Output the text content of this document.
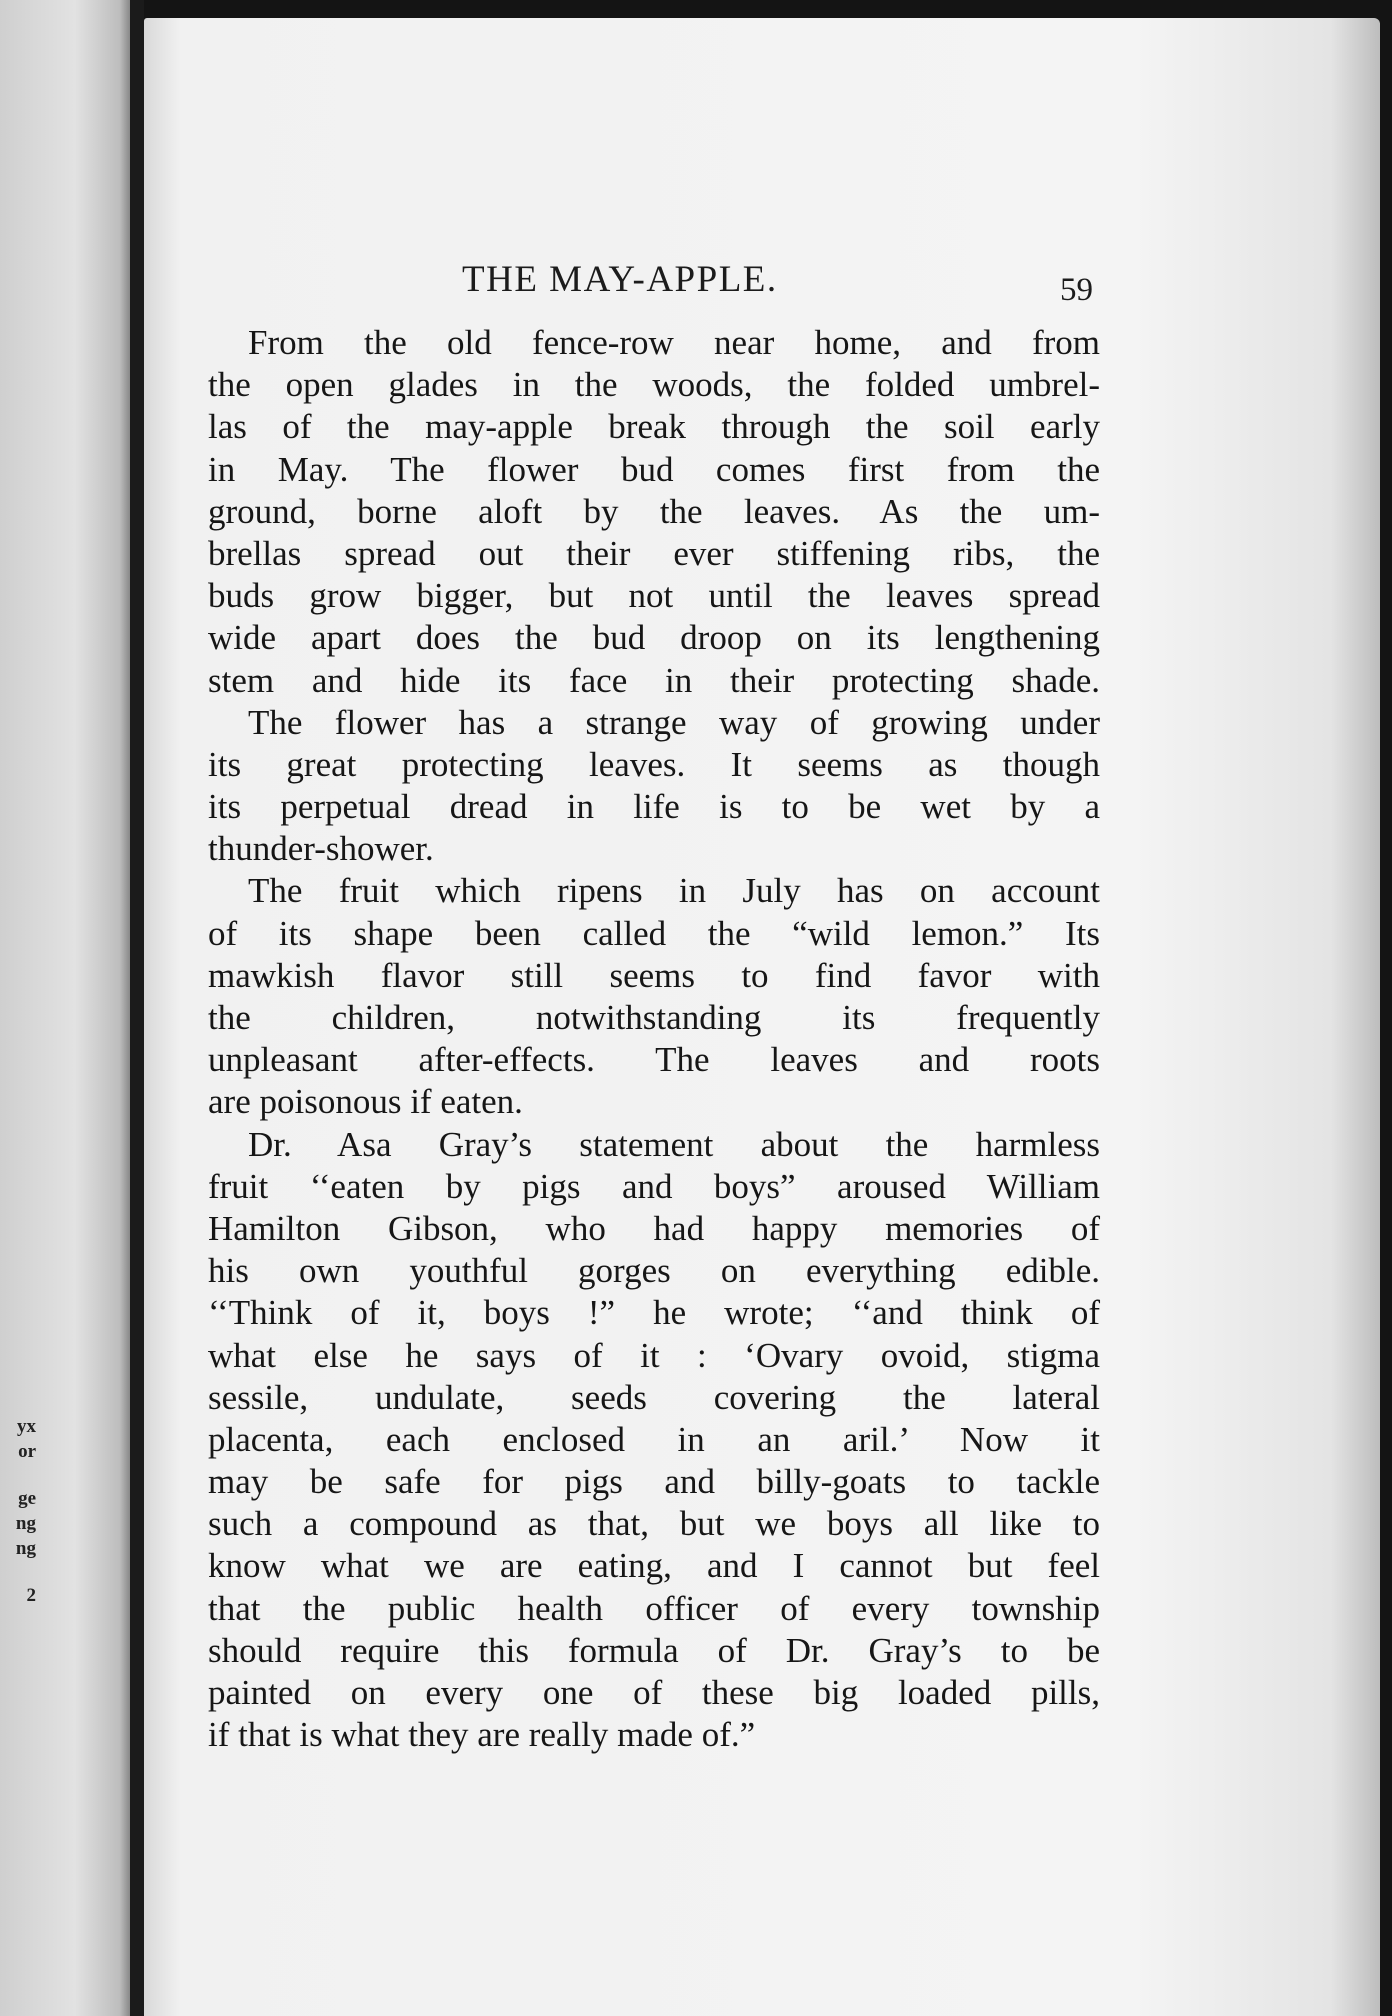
yx
or
ge
ng
ng
2
THE MAY-APPLE.	59
From the old fence-row near home, and from
the open glades in the woods, the folded umbrel-
las of the may-apple break through the soil early
in May. The flower bud comes first from the
ground, borne aloft by the leaves. As the um-
brellas spread out their ever stiffening ribs, the
buds grow bigger, but not until the leaves spread
wide apart does the bud droop on its lengthening
stem and hide its face in their protecting shade.
The flower has a strange way of growing under
its great protecting leaves. It seems as though
its perpetual dread in life is to be wet by a
thunder-shower.
The fruit which ripens in July has on account
of its shape been called the “wild lemon.” Its
mawkish flavor still seems to find favor with
the children, notwithstanding its frequently
unpleasant after-effects. The leaves and roots
are poisonous if eaten.
Dr. Asa Gray’s statement about the harmless
fruit ‘‘eaten by pigs and boys” aroused William
Hamilton Gibson, who had happy memories of
his own youthful gorges on everything edible.
‘‘Think of it, boys !” he wrote; ‘‘and think of
what else he says of it : ‘Ovary ovoid, stigma
sessile, undulate, seeds covering the lateral
placenta, each enclosed in an aril.’ Now it
may be safe for pigs and billy-goats to tackle
such a compound as that, but we boys all like to
know what we are eating, and I cannot but feel
that the public health officer of every township
should require this formula of Dr. Gray’s to be
painted on every one of these big loaded pills,
if that is what they are really made of.”
